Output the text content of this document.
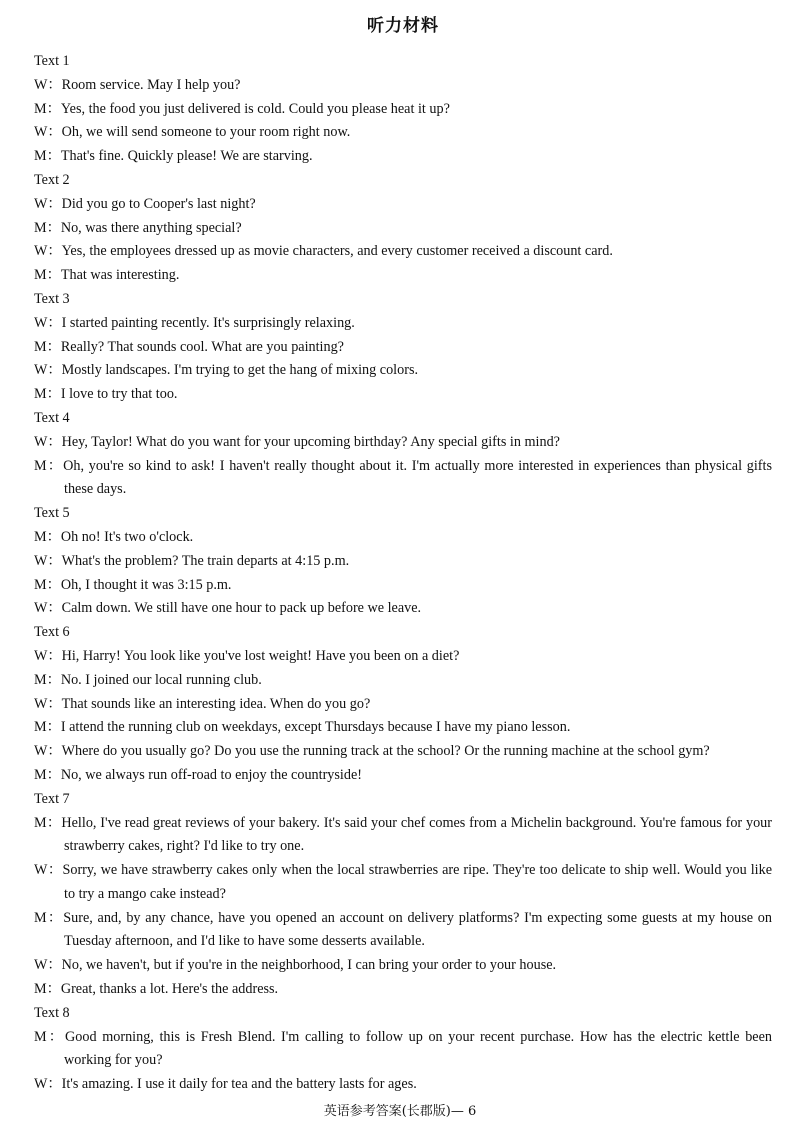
听力材料

Text 1

W ： Room service. May I help you?

M ： Yes, the food you just delivered is cold. Could you please heat it up?

W ： Oh, we will send someone to your room right now.

M ： That's fine. Quickly please! We are starving.

Text 2

W ： Did you go to Cooper's last night?

M ： No, was there anything special?

W ： Yes, the employees dressed up as movie characters, and every customer received a discount card.

M ： That was interesting.

Text 3

W ： I started painting recently. It's surprisingly relaxing.

M ： Really? That sounds cool. What are you painting?

W ： Mostly landscapes. I'm trying to get the hang of mixing colors.

M ： I love to try that too.

Text 4

W ： Hey, Taylor! What do you want for your upcoming birthday? Any special gifts in mind?

M ： Oh, you're so kind to ask! I haven't really thought about it. I'm actually more interested in experiences than physical gifts these days.

Text 5

M ： Oh no! It's two o'clock.

W ： What's the problem? The train departs at 4:15 p.m.

M ： Oh, I thought it was 3:15 p.m.

W ： Calm down. We still have one hour to pack up before we leave.

Text 6

W ： Hi, Harry! You look like you've lost weight! Have you been on a diet?

M ： No. I joined our local running club.

W ： That sounds like an interesting idea. When do you go?

M ： I attend the running club on weekdays, except Thursdays because I have my piano lesson.

W ： Where do you usually go? Do you use the running track at the school? Or the running machine at the school gym?

M ： No, we always run off-road to enjoy the countryside!

Text 7

M ： Hello, I've read great reviews of your bakery. It's said your chef comes from a Michelin background. You're famous for your strawberry cakes, right? I'd like to try one.

W ： Sorry, we have strawberry cakes only when the local strawberries are ripe. They're too delicate to ship well. Would you like to try a mango cake instead?

M ： Sure, and, by any chance, have you opened an account on delivery platforms? I'm expecting some guests at my house on Tuesday afternoon, and I'd like to have some desserts available.

W ： No, we haven't, but if you're in the neighborhood, I can bring your order to your house.

M ： Great, thanks a lot. Here's the address.

Text 8

M ： Good morning, this is Fresh Blend. I'm calling to follow up on your recent purchase. How has the electric kettle been working for you?

W ： It's amazing. I use it daily for tea and the battery lasts for ages.

英语参考答案(长郡版)— 6
